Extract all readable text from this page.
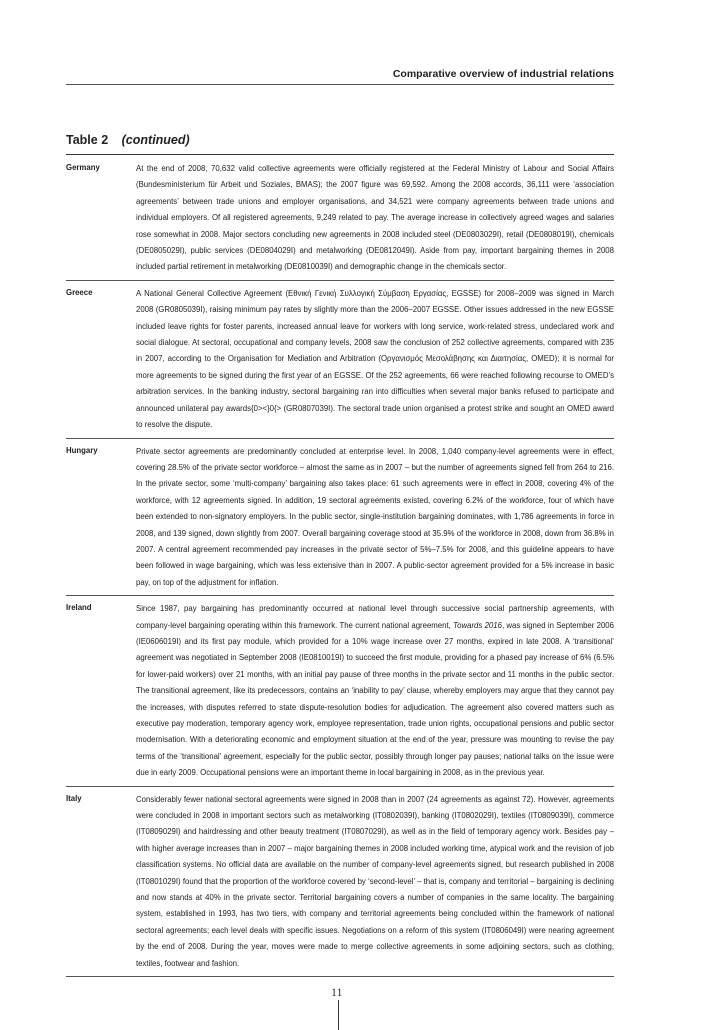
Comparative overview of industrial relations
Table 2 (continued)
Germany	At the end of 2008, 70,632 valid collective agreements were officially registered at the Federal Ministry of Labour and Social Affairs (Bundesministerium für Arbeit und Soziales, BMAS); the 2007 figure was 69,592. Among the 2008 accords, 36,111 were ‘association agreements’ between trade unions and employer organisations, and 34,521 were company agreements between trade unions and individual employers. Of all registered agreements, 9,249 related to pay. The average increase in collectively agreed wages and salaries rose somewhat in 2008. Major sectors concluding new agreements in 2008 included steel (DE0803029I), retail (DE0808019I), chemicals (DE0805029I), public services (DE0804029I) and metalworking (DE0812049I). Aside from pay, important bargaining themes in 2008 included partial retirement in metalworking (DE0810039I) and demographic change in the chemicals sector.
Greece	A National General Collective Agreement (Εθνική Γενική Συλλογική Σύμβαση Εργασίας, EGSSE) for 2008–2009 was signed in March 2008 (GR0805039I), raising minimum pay rates by slightly more than the 2006–2007 EGSSE. Other issues addressed in the new EGSSE included leave rights for foster parents, increased annual leave for workers with long service, work-related stress, undeclared work and social dialogue. At sectoral, occupational and company levels, 2008 saw the conclusion of 252 collective agreements, compared with 235 in 2007, according to the Organisation for Mediation and Arbitration (Οργανισμός Μεσολάβησης και Διαιτησίας, OMED); it is normal for more agreements to be signed during the first year of an EGSSE. Of the 252 agreements, 66 were reached following recourse to OMED’s arbitration services. In the banking industry, sectoral bargaining ran into difficulties when several major banks refused to participate and announced unilateral pay awards{0><}0{> (GR0807039I). The sectoral trade union organised a protest strike and sought an OMED award to resolve the dispute.
Hungary	Private sector agreements are predominantly concluded at enterprise level. In 2008, 1,040 company-level agreements were in effect, covering 28.5% of the private sector workforce – almost the same as in 2007 – but the number of agreements signed fell from 264 to 216. In the private sector, some ‘multi-company’ bargaining also takes place: 61 such agreements were in effect in 2008, covering 4% of the workforce, with 12 agreements signed. In addition, 19 sectoral agreements existed, covering 6.2% of the workforce, four of which have been extended to non-signatory employers. In the public sector, single-institution bargaining dominates, with 1,786 agreements in force in 2008, and 139 signed, down slightly from 2007. Overall bargaining coverage stood at 35.9% of the workforce in 2008, down from 36.8% in 2007. A central agreement recommended pay increases in the private sector of 5%–7.5% for 2008, and this guideline appears to have been followed in wage bargaining, which was less extensive than in 2007. A public-sector agreement provided for a 5% increase in basic pay, on top of the adjustment for inflation.
Ireland	Since 1987, pay bargaining has predominantly occurred at national level through successive social partnership agreements, with company-level bargaining operating within this framework. The current national agreement, Towards 2016, was signed in September 2006 (IE0606019I) and its first pay module, which provided for a 10% wage increase over 27 months, expired in late 2008. A ‘transitional’ agreement was negotiated in September 2008 (IE0810019I) to succeed the first module, providing for a phased pay increase of 6% (6.5% for lower-paid workers) over 21 months, with an initial pay pause of three months in the private sector and 11 months in the public sector. The transitional agreement, like its predecessors, contains an ‘inability to pay’ clause, whereby employers may argue that they cannot pay the increases, with disputes referred to state dispute-resolution bodies for adjudication. The agreement also covered matters such as executive pay moderation, temporary agency work, employee representation, trade union rights, occupational pensions and public sector modernisation. With a deteriorating economic and employment situation at the end of the year, pressure was mounting to revise the pay terms of the ‘transitional’ agreement, especially for the public sector, possibly through longer pay pauses; national talks on the issue were due in early 2009. Occupational pensions were an important theme in local bargaining in 2008, as in the previous year.
Italy	Considerably fewer national sectoral agreements were signed in 2008 than in 2007 (24 agreements as against 72). However, agreements were concluded in 2008 in important sectors such as metalworking (IT0802039I), banking (IT0802029I), textiles (IT0809039I), commerce (IT0809029I) and hairdressing and other beauty treatment (IT0807029I), as well as in the field of temporary agency work. Besides pay – with higher average increases than in 2007 – major bargaining themes in 2008 included working time, atypical work and the revision of job classification systems. No official data are available on the number of company-level agreements signed, but research published in 2008 (IT0801029I) found that the proportion of the workforce covered by ‘second-level’ – that is, company and territorial – bargaining is declining and now stands at 40% in the private sector. Territorial bargaining covers a number of companies in the same locality. The bargaining system, established in 1993, has two tiers, with company and territorial agreements being concluded within the framework of national sectoral agreements; each level deals with specific issues. Negotiations on a reform of this system (IT0806049I) were nearing agreement by the end of 2008. During the year, moves were made to merge collective agreements in some adjoining sectors, such as clothing, textiles, footwear and fashion.
11
